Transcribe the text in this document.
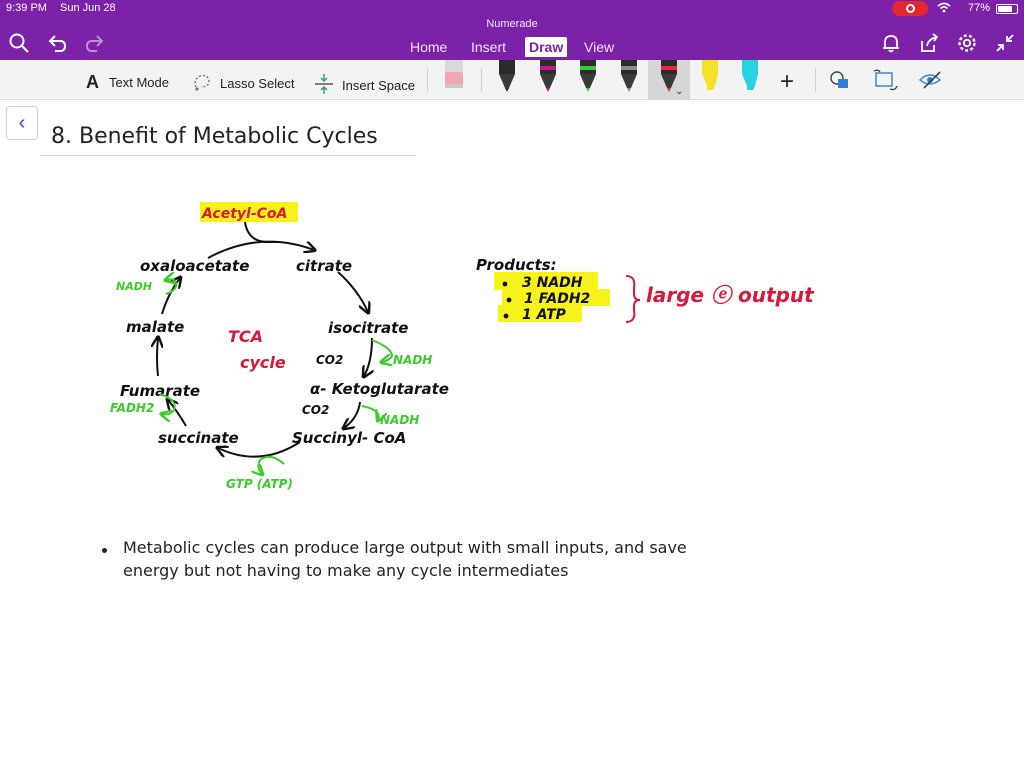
9:39 PM Sun Jun 28
Numerade
77%
Home Insert Draw View
A Text Mode	Lasso Select	Insert Space	⌄	+
‹
8. Benefit of Metabolic Cycles
Acetyl-CoA
oxaloacetate	citrate
isocitrate
α- Ketoglutarate
Succinyl- CoA
succinate
Fumarate
malate	TCA
cycle	CO2	NADH
CO2
NADH
GTP (ATP)
FADH2
NADH
Products:
3 NADH
1 FADH2
1 ATP
large ⓔ output
Metabolic cycles can produce large output with small inputs, and save
energy but not having to make any cycle intermediates
